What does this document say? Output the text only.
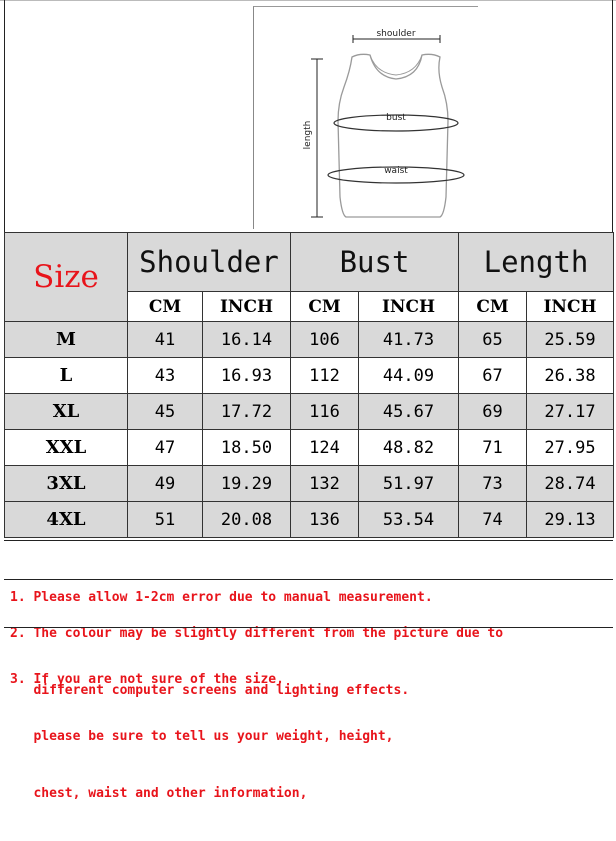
shoulder
length
bust
waist
Size	Shoulder		Bust		Length	
	CM	INCH	CM	INCH	CM	INCH
M	41	16.14	106	41.73	65	25.59
L	43	16.93	112	44.09	67	26.38
XL	45	17.72	116	45.67	69	27.17
XXL	47	18.50	124	48.82	71	27.95
3XL	49	19.29	132	51.97	73	28.74
4XL	51	20.08	136	53.54	74	29.13

1. Please allow 1-2cm error due to manual measurement.

2. The colour may be slightly different from the picture due to

different computer screens and lighting effects.

3. If you are not sure of the size,

please be sure to tell us your weight, height,

chest, waist and other information,
